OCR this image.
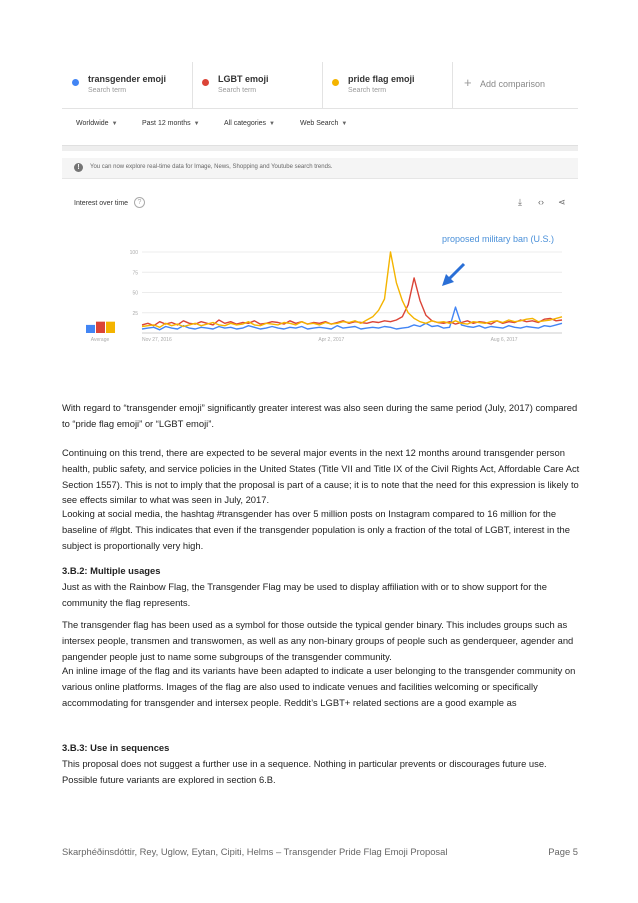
transgender emoji
Search term
LGBT emoji
Search term
pride flag emoji
Search term
+ Add comparison
Worldwide ▼	Past 12 months ▼	All categories ▼	Web Search ▼
!	You can now explore real-time data for Image, News, Shopping and Youtube search trends.
Interest over time	?	⤓ ‹› ⋖
100
75
50
25
Average	Nov 27, 2016	Apr 2, 2017	Aug 6, 2017
proposed military ban (U.S.)
With regard to “transgender emoji” significantly greater interest was also seen during the same period (July, 2017) compared to “pride flag emoji” or “LGBT emoji”.
Continuing on this trend, there are expected to be several major events in the next 12 months around transgender person health, public safety, and service policies in the United States (Title VII and Title IX of the Civil Rights Act, Affordable Care Act Section 1557). This is not to imply that the proposal is part of a cause; it is to note that the need for this expression is likely to see effects similar to what was seen in July, 2017.
Looking at social media, the hashtag #transgender has over 5 million posts on Instagram compared to 16 million for the baseline of #lgbt. This indicates that even if the transgender population is only a fraction of the total of LGBT, interest in the subject is proportionally very high.

3.B.2: Multiple usages

Just as with the Rainbow Flag, the Transgender Flag may be used to display affiliation with or to show support for the community the flag represents.

The transgender flag has been used as a symbol for those outside the typical gender binary. This includes groups such as intersex people, transmen and transwomen, as well as any non-binary groups of people such as genderqueer, agender and pangender people just to name some subgroups of the transgender community.
An inline image of the flag and its variants have been adapted to indicate a user belonging to the transgender community on various online platforms. Images of the flag are also used to indicate venues and facilities welcoming or specifically accommodating for transgender and intersex people. Reddit’s LGBT+ related sections are a good example as

3.B.3: Use in sequences

This proposal does not suggest a further use in a sequence. Nothing in particular prevents or discourages future use. Possible future variants are explored in section 6.B.

Skarphéðinsdóttir, Rey, Uglow, Eytan, Cipiti, Helms – Transgender Pride Flag Emoji Proposal	Page 5
